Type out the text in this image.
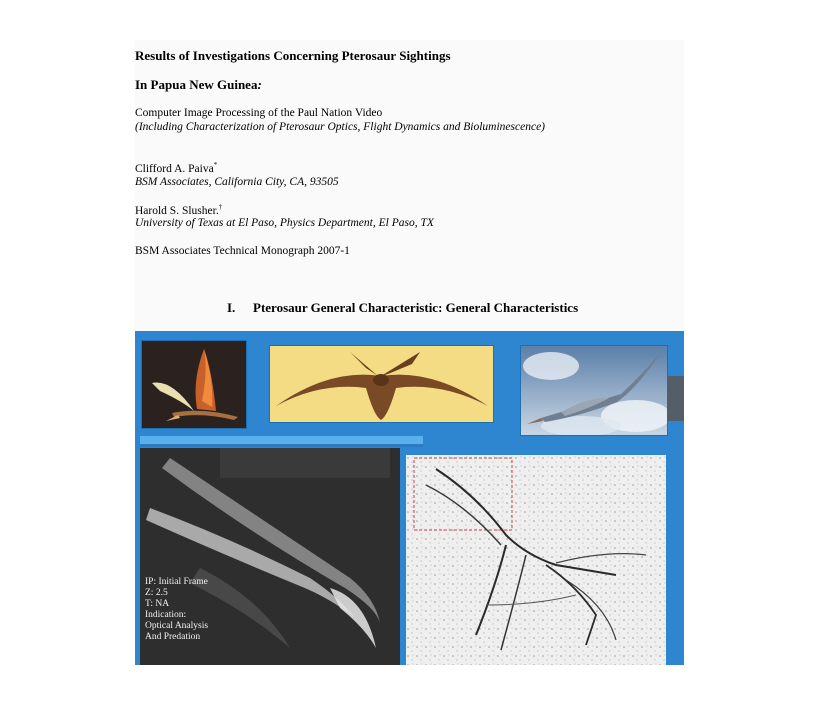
Results of Investigations Concerning Pterosaur Sightings
In Papua New Guinea:
Computer Image Processing of the Paul Nation Video
(Including Characterization of Pterosaur Optics, Flight Dynamics and Bioluminescence)
Clifford A. Paiva*
BSM Associates, California City, CA, 93505
Harold S. Slusher.†
University of Texas at El Paso, Physics Department, El Paso, TX
BSM Associates Technical Monograph 2007-1
I. Pterosaur General Characteristic: General Characteristics
IP: Initial Frame
Z: 2.5
T: NA
Indication:
Optical Analysis
And Predation
